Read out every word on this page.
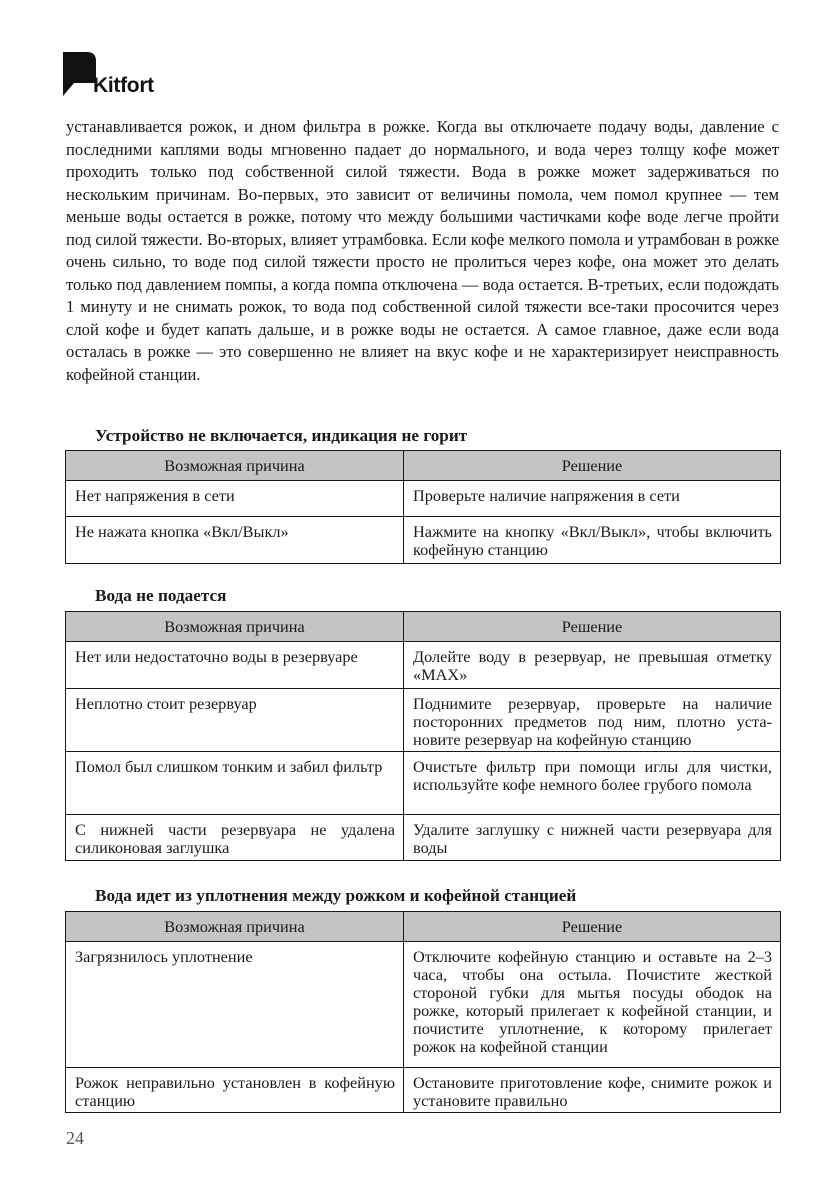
Kitfort

устанавливается рожок, и дном фильтра в рожке. Когда вы отключаете подачу воды, давление с последними каплями воды мгновенно падает до нормального, и вода через толщу кофе может проходить только под собственной силой тяжести. Вода в рожке может задерживаться по нескольким причинам. Во-первых, это зависит от величины помола, чем помол крупнее — тем меньше воды остается в рожке, потому что между большими частичками кофе воде легче пройти под силой тяжести. Во-вторых, влияет утрамбовка. Если кофе мелкого помола и утрамбован в рожке очень сильно, то воде под силой тяжести просто не пролиться через кофе, она может это делать только под давлением помпы, а когда помпа отключена — вода остается. В-третьих, если подождать 1 минуту и не снимать рожок, то вода под собственной силой тяжести все-таки просочится через слой кофе и будет капать дальше, и в рожке воды не остается. А самое главное, даже если вода осталась в рожке — это совершенно не влияет на вкус кофе и не характеризирует неисправность кофейной станции.

Устройство не включается, индикация не горит
Возможная причина	Решение
Нет напряжения в сети	Проверьте наличие напряжения в сети
Не нажата кнопка «Вкл/Выкл»	Нажмите на кнопку «Вкл/Выкл», чтобы включить кофейную станцию
Вода не подается
Возможная причина	Решение
Нет или недостаточно воды в резервуаре	Долейте воду в резервуар, не превышая отметку «MAX»
Неплотно стоит резервуар	Поднимите резервуар, проверьте на наличие посторонних предметов под ним, плотно установите резервуар на кофейную станцию
Помол был слишком тонким и забил фильтр	Очистьте фильтр при помощи иглы для чистки, используйте кофе немного более грубого помола
С нижней части резервуара не удалена силиконовая заглушка	Удалите заглушку с нижней части резервуара для воды
Вода идет из уплотнения между рожком и кофейной станцией
Возможная причина	Решение
Загрязнилось уплотнение	Отключите кофейную станцию и оставьте на 2–3 часа, чтобы она остыла. Почистите жесткой стороной губки для мытья посуды ободок на рожке, который прилегает к кофейной станции, и почистите уплотнение, к которому прилегает рожок на кофейной станции
Рожок неправильно установлен в кофейную станцию	Остановите приготовление кофе, снимите рожок и установите правильно
24
